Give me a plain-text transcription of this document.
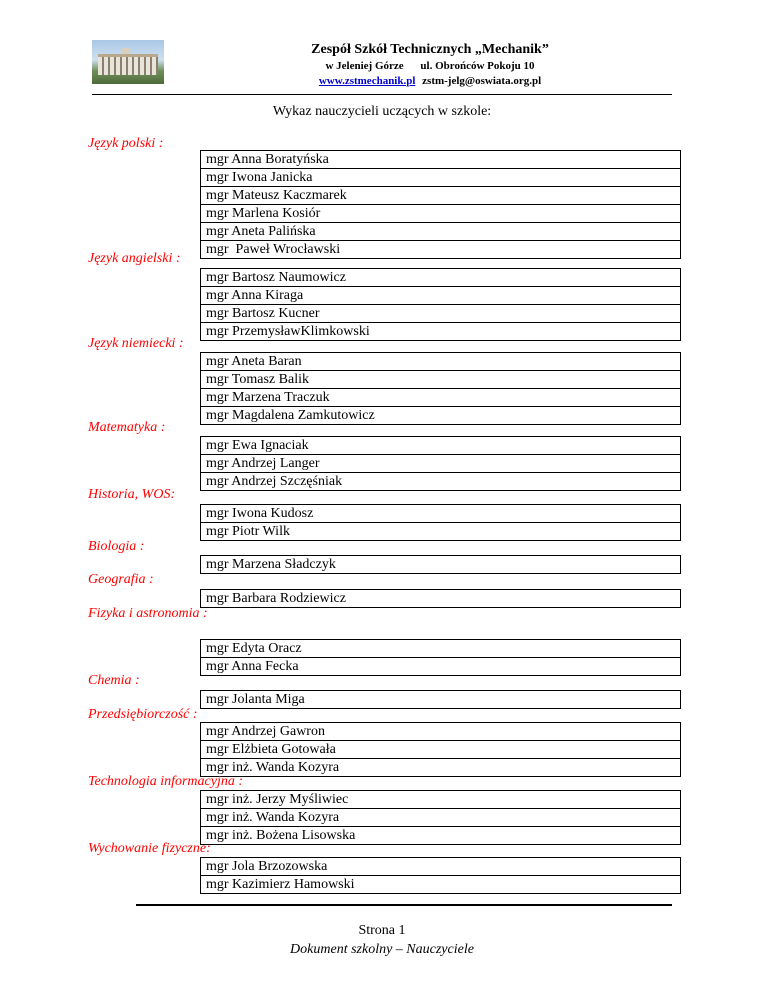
Zespół Szkół Technicznych „Mechanik”
w Jeleniej Górze ul. Obrońców Pokoju 10
www.zstmechanik.pl zstm-jelg@oswiata.org.pl
Wykaz nauczycieli uczących w szkole:
Język polski :
mgr Anna Boratyńska
mgr Iwona Janicka
mgr Mateusz Kaczmarek
mgr Marlena Kosiór
mgr Aneta Palińska
mgr  Paweł Wrocławski
Język angielski :
mgr Bartosz Naumowicz
mgr Anna Kiraga
mgr Bartosz Kucner
mgr PrzemysławKlimkowski
Język niemiecki :
mgr Aneta Baran
mgr Tomasz Balik
mgr Marzena Traczuk
mgr Magdalena Zamkutowicz
Matematyka :
mgr Ewa Ignaciak
mgr Andrzej Langer
mgr Andrzej Szczęśniak
Historia, WOS:
mgr Iwona Kudosz
mgr Piotr Wilk
Biologia :
mgr Marzena Sładczyk
Geografia :
mgr Barbara Rodziewicz
Fizyka i astronomia :
mgr Edyta Oracz
mgr Anna Fecka
Chemia :
mgr Jolanta Miga
Przedsiębiorczość :
mgr Andrzej Gawron
mgr Elżbieta Gotowała
mgr inż. Wanda Kozyra
Technologia informacyjna :
mgr inż. Jerzy Myśliwiec
mgr inż. Wanda Kozyra
mgr inż. Bożena Lisowska
Wychowanie fizyczne:
mgr Jola Brzozowska
mgr Kazimierz Hamowski
Strona 1
Dokument szkolny – Nauczyciele
